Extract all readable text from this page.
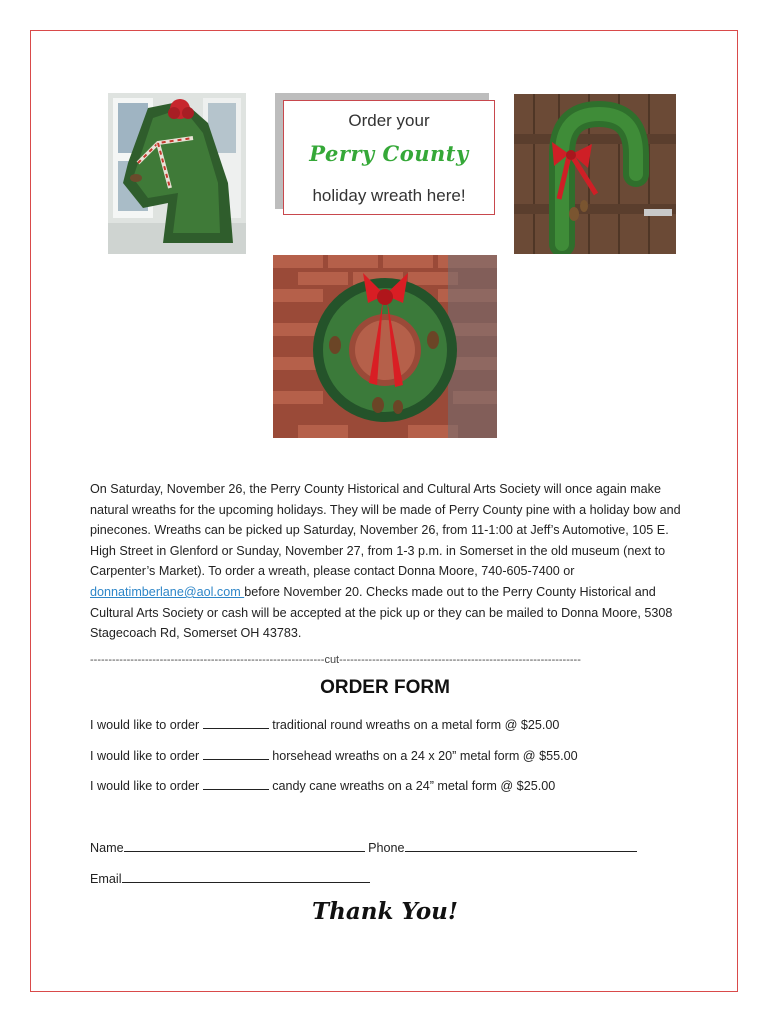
Order your
Perry County
holiday wreath here!
On Saturday, November 26, the Perry County Historical and Cultural Arts Society will once again make natural wreaths for the upcoming holidays. They will be made of Perry County pine with a holiday bow and pinecones. Wreaths can be picked up Saturday, November 26, from 11-1:00 at Jeff’s Automotive, 105 E. High Street in Glenford or Sunday, November 27, from 1-3 p.m. in Somerset in the old museum (next to Carpenter’s Market). To order a wreath, please contact Donna Moore, 740-605-7400 or donnatimberlane@aol.com before November 20. Checks made out to the Perry County Historical and Cultural Arts Society or cash will be accepted at the pick up or they can be mailed to Donna Moore, 5308 Stagecoach Rd, Somerset OH 43783.
----------------------------------------------------------------cut------------------------------------------------------------------
ORDER FORM
I would like to order	traditional round wreaths on a metal form @ $25.00
I would like to order	horsehead wreaths on a 24 x 20” metal form @ $55.00
I would like to order	candy cane wreaths on a 24” metal form @ $25.00
Name	Phone
Email
Thank You!
